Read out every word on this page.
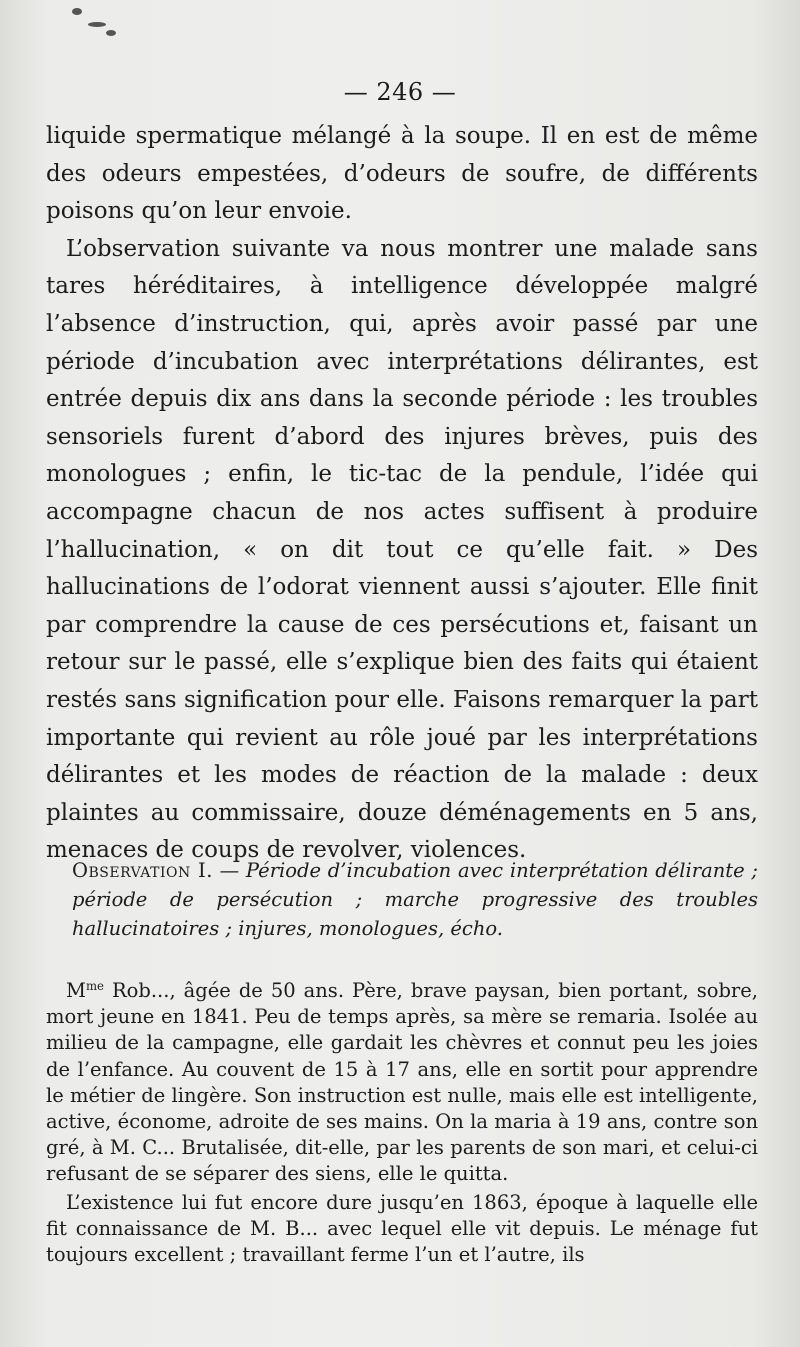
— 246 —

liquide spermatique mélangé à la soupe. Il en est de même des odeurs empestées, d’odeurs de soufre, de différents poisons qu’on leur envoie.

L’observation suivante va nous montrer une malade sans tares héréditaires, à intelligence développée malgré l’absence d’instruction, qui, après avoir passé par une période d’incubation avec interprétations délirantes, est entrée depuis dix ans dans la seconde période : les troubles sensoriels furent d’abord des injures brèves, puis des monologues ; enfin, le tic-tac de la pendule, l’idée qui accompagne chacun de nos actes suffisent à produire l’hallucination, « on dit tout ce qu’elle fait. » Des hallucinations de l’odorat viennent aussi s’ajouter. Elle finit par comprendre la cause de ces persécutions et, faisant un retour sur le passé, elle s’explique bien des faits qui étaient restés sans signification pour elle. Faisons remarquer la part importante qui revient au rôle joué par les interprétations délirantes et les modes de réaction de la malade : deux plaintes au commissaire, douze déménagements en 5 ans, menaces de coups de revolver, violences.

Observation I. — Période d’incubation avec interprétation délirante ; période de persécution ; marche progressive des troubles hallucinatoires ; injures, monologues, écho.

$M^{me}$ Rob..., âgée de 50 ans. Père, brave paysan, bien portant, sobre, mort jeune en 1841. Peu de temps après, sa mère se remaria. Isolée au milieu de la campagne, elle gardait les chèvres et connut peu les joies de l’enfance. Au couvent de 15 à 17 ans, elle en sortit pour apprendre le métier de lingère. Son instruction est nulle, mais elle est intelligente, active, économe, adroite de ses mains. On la maria à 19 ans, contre son gré, à M. C... Brutalisée, dit-elle, par les parents de son mari, et celui-ci refusant de se séparer des siens, elle le quitta.

L’existence lui fut encore dure jusqu’en 1863, époque à laquelle elle fit connaissance de M. B... avec lequel elle vit depuis. Le ménage fut toujours excellent ; travaillant ferme l’un et l’autre, ils
